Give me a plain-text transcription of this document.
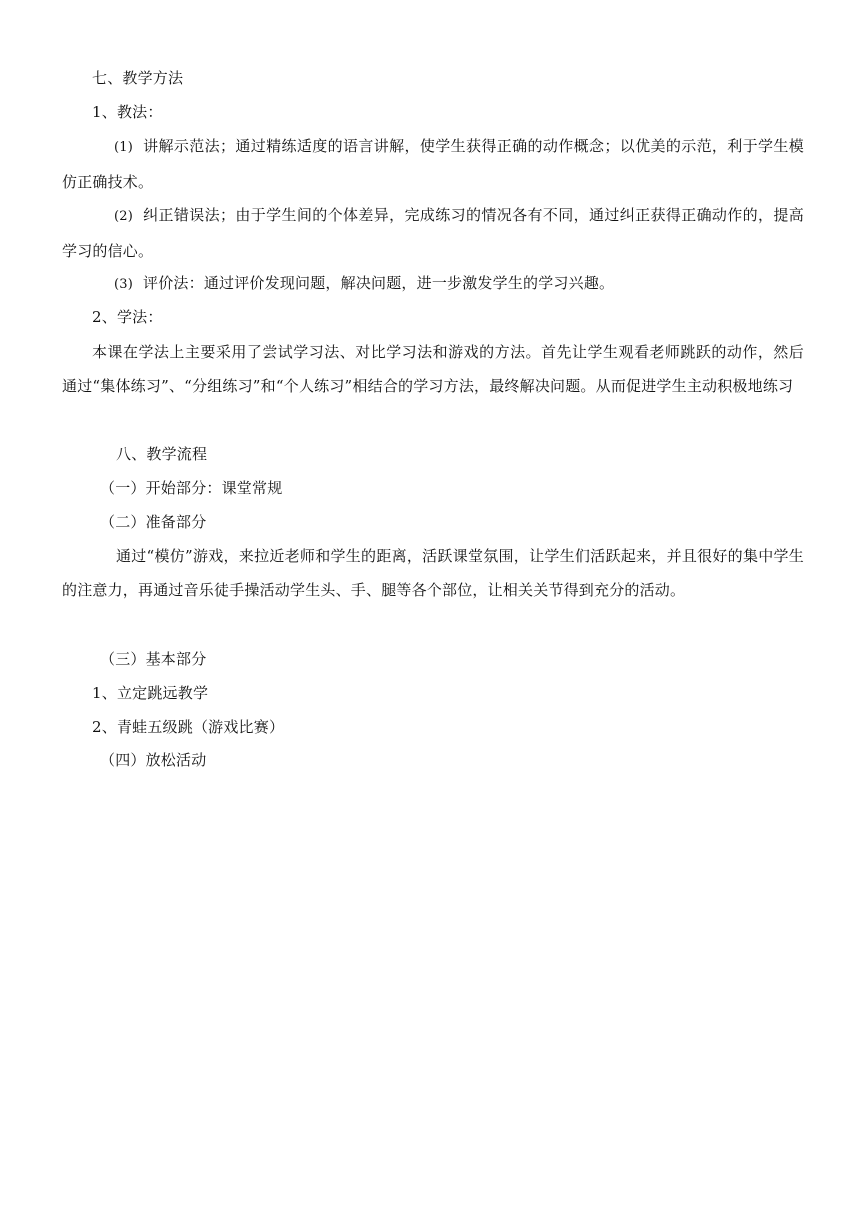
七、教学方法
1、教法：
(1) 讲解示范法；通过精练适度的语言讲解，使学生获得正确的动作概念；以优美的示范，利于学生模仿正确技术。
(2) 纠正错误法；由于学生间的个体差异，完成练习的情况各有不同，通过纠正获得正确动作的，提高学习的信心。
(3) 评价法：通过评价发现问题，解决问题，进一步激发学生的学习兴趣。
2、学法：
本课在学法上主要采用了尝试学习法、对比学习法和游戏的方法。首先让学生观看老师跳跃的动作，然后通过“集体练习”、“分组练习”和“个人练习”相结合的学习方法，最终解决问题。从而促进学生主动积极地练习
八、教学流程
（一）开始部分：课堂常规
（二）准备部分
通过“模仿”游戏，来拉近老师和学生的距离，活跃课堂氛围，让学生们活跃起来，并且很好的集中学生的注意力，再通过音乐徒手操活动学生头、手、腿等各个部位，让相关关节得到充分的活动。
（三）基本部分
1、立定跳远教学
2、青蛙五级跳（游戏比赛）
（四）放松活动
